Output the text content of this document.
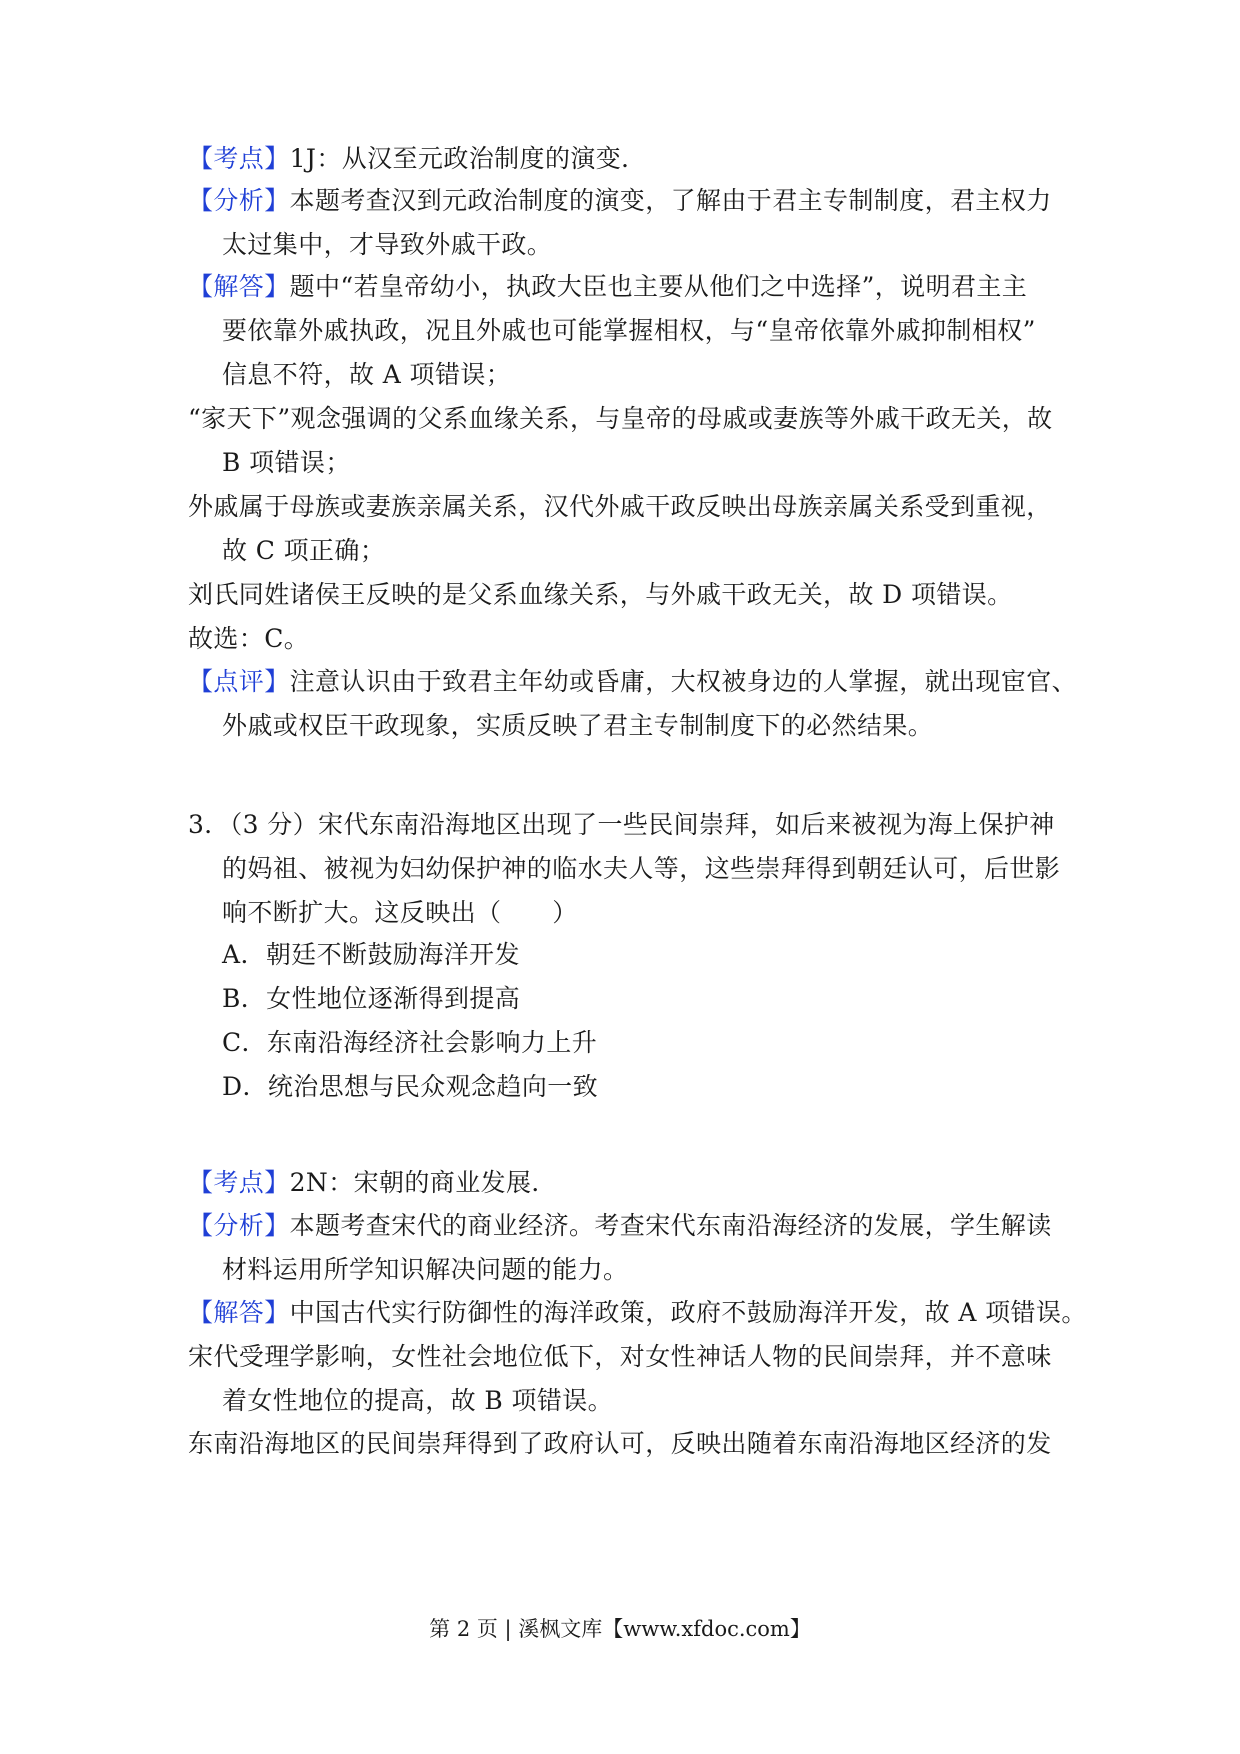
【考点】1J：从汉至元政治制度的演变．
【分析】本题考查汉到元政治制度的演变，了解由于君主专制制度，君主权力
太过集中，才导致外戚干政。
【解答】题中“若皇帝幼小，执政大臣也主要从他们之中选择”，说明君主主
要依靠外戚执政，况且外戚也可能掌握相权，与“皇帝依靠外戚抑制相权”
信息不符，故 A 项错误；
“家天下”观念强调的父系血缘关系，与皇帝的母戚或妻族等外戚干政无关，故
B 项错误；
外戚属于母族或妻族亲属关系，汉代外戚干政反映出母族亲属关系受到重视，
故 C 项正确；
刘氏同姓诸侯王反映的是父系血缘关系，与外戚干政无关，故 D 项错误。
故选：C。
【点评】注意认识由于致君主年幼或昏庸，大权被身边的人掌握，就出现宦官、
外戚或权臣干政现象，实质反映了君主专制制度下的必然结果。
3．（3 分）宋代东南沿海地区出现了一些民间崇拜，如后来被视为海上保护神
的妈祖、被视为妇幼保护神的临水夫人等，这些崇拜得到朝廷认可，后世影
响不断扩大。这反映出（　　）
A．朝廷不断鼓励海洋开发
B．女性地位逐渐得到提高
C．东南沿海经济社会影响力上升
D．统治思想与民众观念趋向一致
【考点】2N：宋朝的商业发展．
【分析】本题考查宋代的商业经济。考查宋代东南沿海经济的发展，学生解读
材料运用所学知识解决问题的能力。
【解答】中国古代实行防御性的海洋政策，政府不鼓励海洋开发，故 A 项错误。
宋代受理学影响，女性社会地位低下，对女性神话人物的民间崇拜，并不意味
着女性地位的提高，故 B 项错误。
东南沿海地区的民间崇拜得到了政府认可，反映出随着东南沿海地区经济的发
第 2 页 | 溪枫文库【www.xfdoc.com】
